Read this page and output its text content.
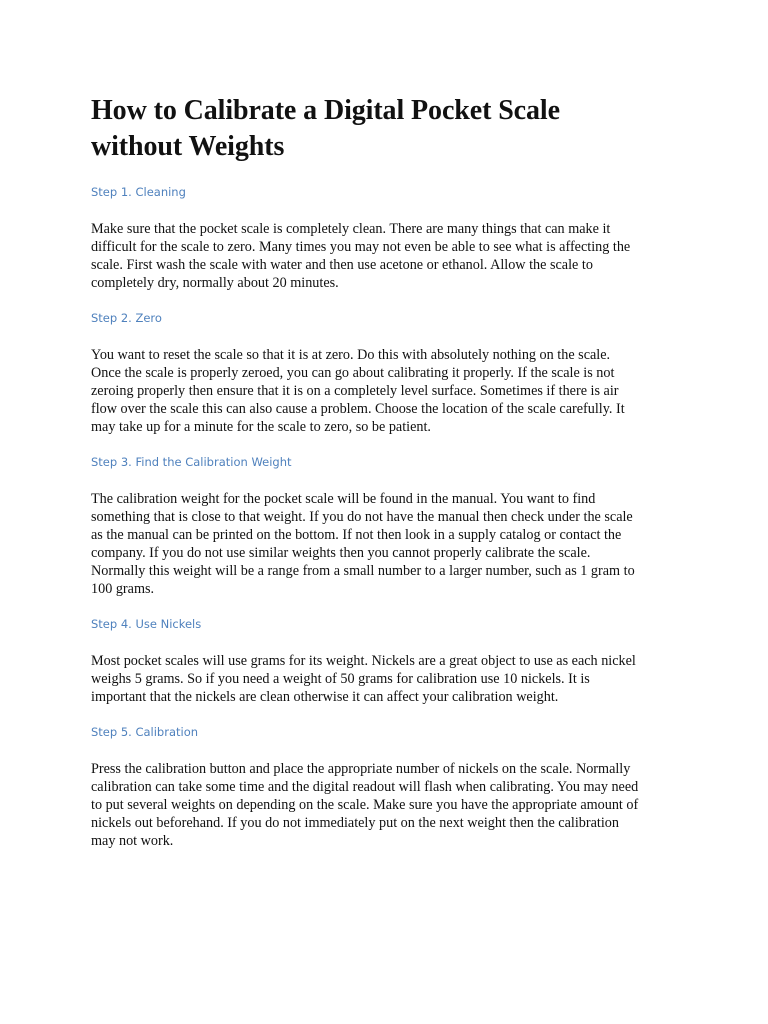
How to Calibrate a Digital Pocket Scale
without Weights

Step 1. Cleaning

Make sure that the pocket scale is completely clean. There are many things that can make it
difficult for the scale to zero. Many times you may not even be able to see what is affecting the
scale. First wash the scale with water and then use acetone or ethanol. Allow the scale to
completely dry, normally about 20 minutes.

Step 2. Zero

You want to reset the scale so that it is at zero. Do this with absolutely nothing on the scale.
Once the scale is properly zeroed, you can go about calibrating it properly. If the scale is not
zeroing properly then ensure that it is on a completely level surface. Sometimes if there is air
flow over the scale this can also cause a problem. Choose the location of the scale carefully. It
may take up for a minute for the scale to zero, so be patient.

Step 3. Find the Calibration Weight

The calibration weight for the pocket scale will be found in the manual. You want to find
something that is close to that weight. If you do not have the manual then check under the scale
as the manual can be printed on the bottom. If not then look in a supply catalog or contact the
company. If you do not use similar weights then you cannot properly calibrate the scale.
Normally this weight will be a range from a small number to a larger number, such as 1 gram to
100 grams.

Step 4. Use Nickels

Most pocket scales will use grams for its weight. Nickels are a great object to use as each nickel
weighs 5 grams. So if you need a weight of 50 grams for calibration use 10 nickels. It is
important that the nickels are clean otherwise it can affect your calibration weight.

Step 5. Calibration

Press the calibration button and place the appropriate number of nickels on the scale. Normally
calibration can take some time and the digital readout will flash when calibrating. You may need
to put several weights on depending on the scale. Make sure you have the appropriate amount of
nickels out beforehand. If you do not immediately put on the next weight then the calibration
may not work.
